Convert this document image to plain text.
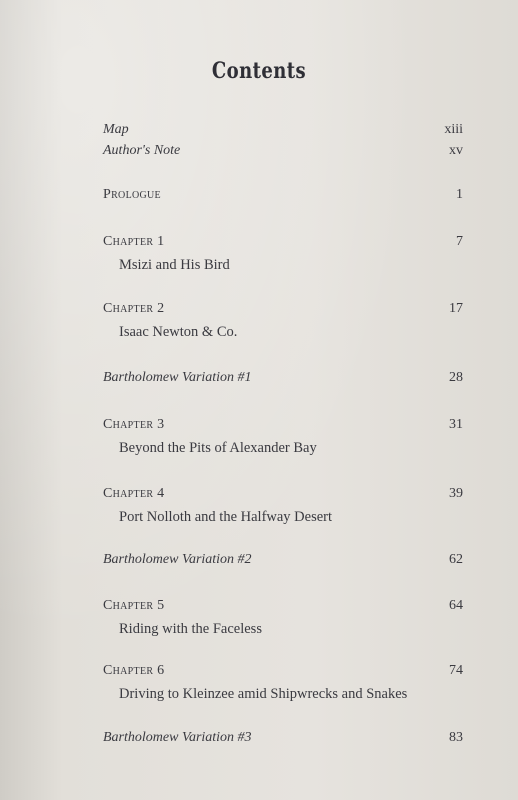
Contents
Map	xiii
Author's Note	xv
Prologue	1
Chapter 1	7
Msizi and His Bird
Chapter 2	17
Isaac Newton & Co.
Bartholomew Variation #1	28
Chapter 3	31
Beyond the Pits of Alexander Bay
Chapter 4	39
Port Nolloth and the Halfway Desert
Bartholomew Variation #2	62
Chapter 5	64
Riding with the Faceless
Chapter 6	74
Driving to Kleinzee amid Shipwrecks and Snakes
Bartholomew Variation #3	83
